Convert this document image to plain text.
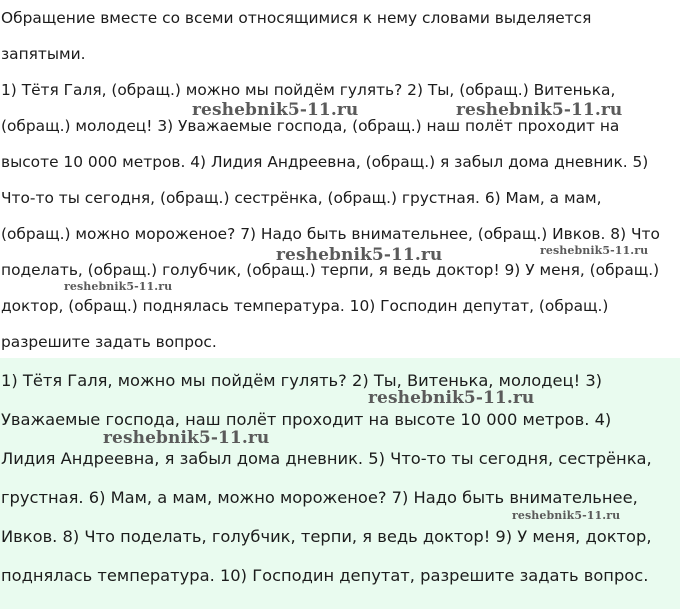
Обращение вместе со всеми относящимися к нему словами выделяется

запятыми.

1) Тётя Галя, (обращ.) можно мы пойдём гулять? 2) Ты, (обращ.) Витенька,

(обращ.) молодец! 3) Уважаемые господа, (обращ.) наш полёт проходит на

высоте 10 000 метров. 4) Лидия Андреевна, (обращ.) я забыл дома дневник. 5)

Что-то ты сегодня, (обращ.) сестрёнка, (обращ.) грустная. 6) Мам, а мам,

(обращ.) можно мороженое? 7) Надо быть внимательнее, (обращ.) Ивков. 8) Что

поделать, (обращ.) голубчик, (обращ.) терпи, я ведь доктор! 9) У меня, (обращ.)

доктор, (обращ.) поднялась температура. 10) Господин депутат, (обращ.)

разрешите задать вопрос.

1) Тётя Галя, можно мы пойдём гулять? 2) Ты, Витенька, молодец! 3)

Уважаемые господа, наш полёт проходит на высоте 10 000 метров. 4)

Лидия Андреевна, я забыл дома дневник. 5) Что-то ты сегодня, сестрёнка,

грустная. 6) Мам, а мам, можно мороженое? 7) Надо быть внимательнее,

Ивков. 8) Что поделать, голубчик, терпи, я ведь доктор! 9) У меня, доктор,

поднялась температура. 10) Господин депутат, разрешите задать вопрос.

reshebnik5-11.ru	reshebnik5-11.ru
reshebnik5-11.ru	reshebnik5-11.ru
reshebnik5-11.ru
reshebnik5-11.ru
reshebnik5-11.ru
reshebnik5-11.ru
